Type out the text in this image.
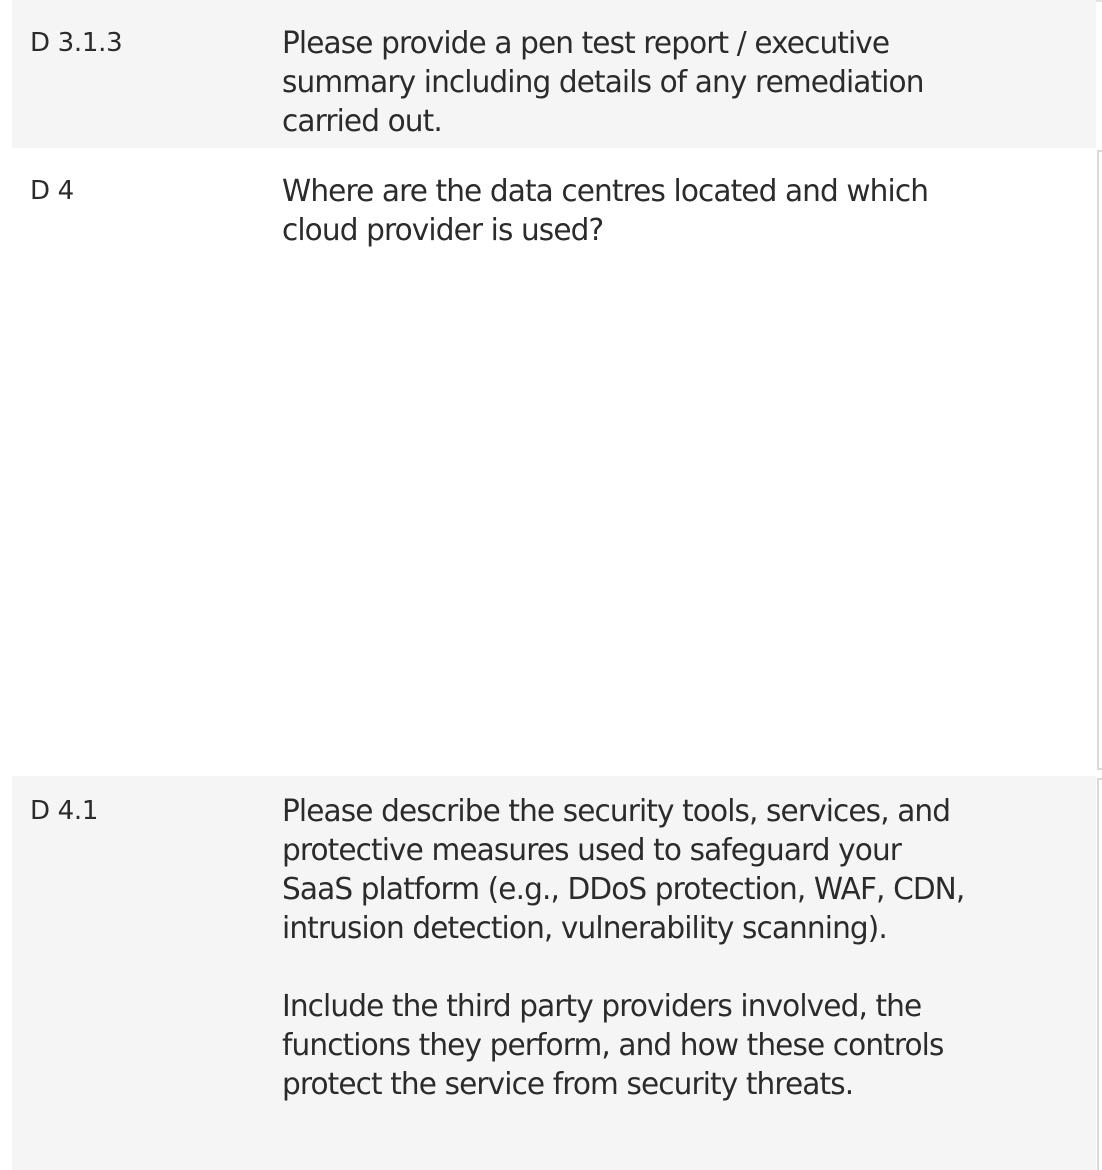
D 3.1.3	Please provide a pen test report / executive summary including details of any remediation carried out.

D 4	Where are the data centres located and which cloud provider is used?

D 4.1	Please describe the security tools, services, and protective measures used to safeguard your SaaS platform (e.g., DDoS protection, WAF, CDN, intrusion detection, vulnerability scanning).

Include the third party providers involved, the functions they perform, and how these controls protect the service from security threats.
